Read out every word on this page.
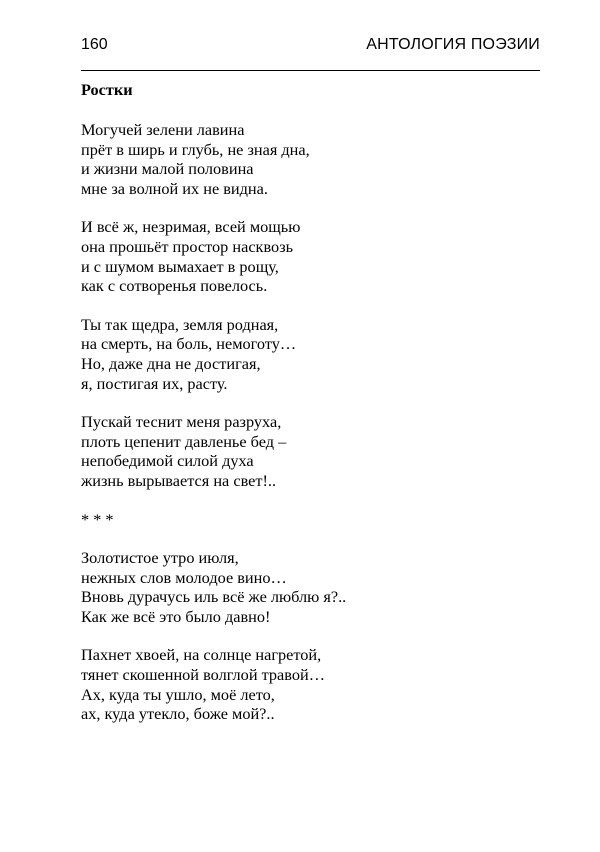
160	АНТОЛОГИЯ ПОЭЗИИ
Ростки
Могучей зелени лавина
прёт в ширь и глубь, не зная дна,
и жизни малой половина
мне за волной их не видна.
И всё ж, незримая, всей мощью
она прошьёт простор насквозь
и с шумом вымахает в рощу,
как с сотворенья повелось.
Ты так щедра, земля родная,
на смерть, на боль, немоготу…
Но, даже дна не достигая,
я, постигая их, расту.
Пускай теснит меня разруха,
плоть цепенит давленье бед –
непобедимой силой духа
жизнь вырывается на свет!..
* * *
Золотистое утро июля,
нежных слов молодое вино…
Вновь дурачусь иль всё же люблю я?..
Как же всё это было давно!
Пахнет хвоей, на солнце нагретой,
тянет скошенной волглой травой…
Ах, куда ты ушло, моё лето,
ах, куда утекло, боже мой?..
